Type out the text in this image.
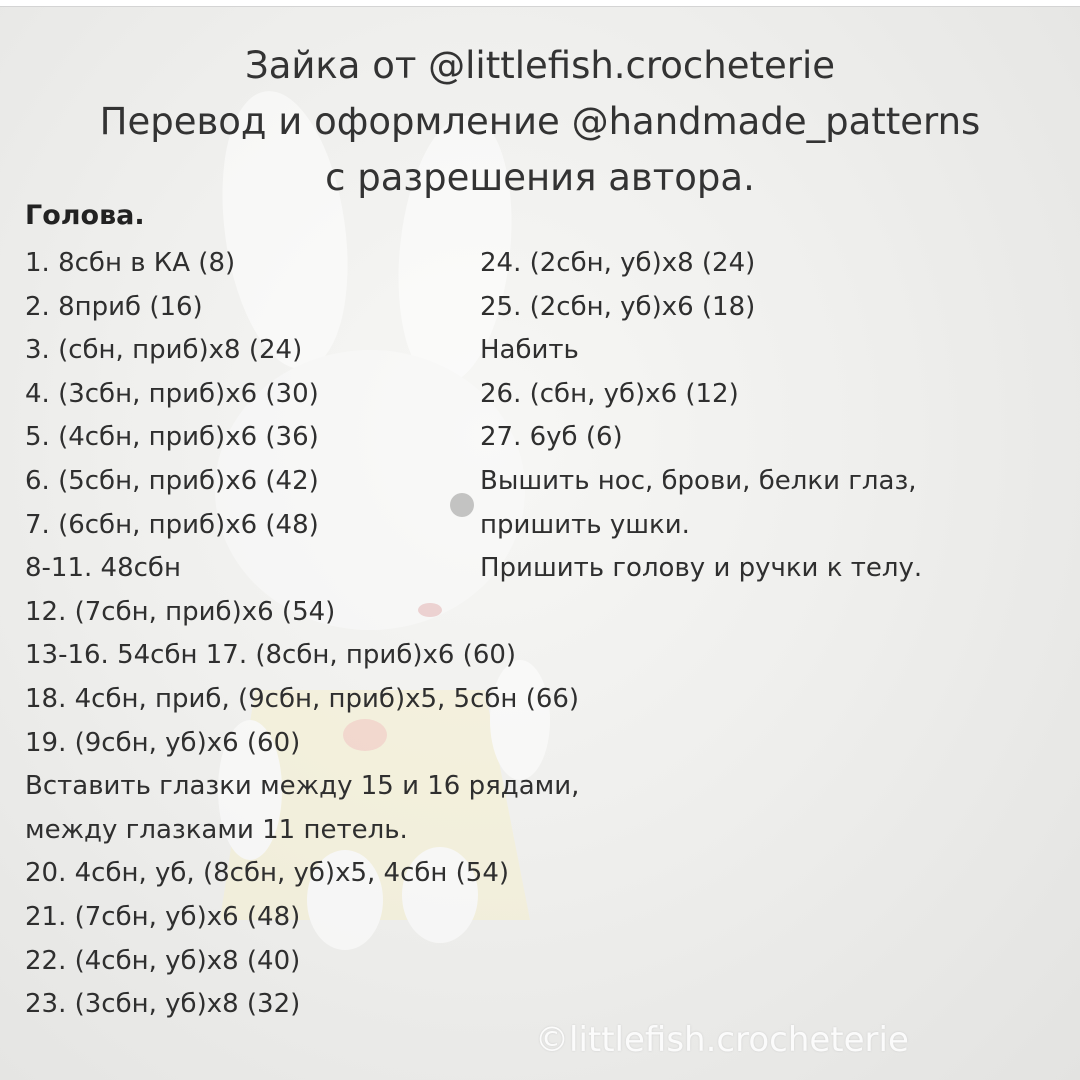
Зайка от @littlefish.crocheterie
Перевод и оформление @handmade_patterns
с разрешения автора.
Голова.
1. 8сбн в КА (8)
2. 8приб (16)
3. (сбн, приб)х8 (24)
4. (3сбн, приб)х6 (30)
5. (4сбн, приб)х6 (36)
6. (5сбн, приб)х6 (42)
7. (6сбн, приб)х6 (48)
8-11. 48сбн
12. (7сбн, приб)х6 (54)
13-16. 54сбн 17. (8сбн, приб)х6 (60)
18. 4сбн, приб, (9сбн, приб)х5, 5сбн (66)
19. (9сбн, уб)х6 (60)
Вставить глазки между 15 и 16 рядами,
между глазками 11 петель.
20. 4сбн, уб, (8сбн, уб)х5, 4сбн (54)
21. (7сбн, уб)х6 (48)
22. (4сбн, уб)х8 (40)
23. (3сбн, уб)х8 (32)
24. (2сбн, уб)х8 (24)
25. (2сбн, уб)х6 (18)
Набить
26. (сбн, уб)х6 (12)
27. 6уб (6)
Вышить нос, брови, белки глаз,
пришить ушки.
Пришить голову и ручки к телу.
©littlefish.crocheterie
